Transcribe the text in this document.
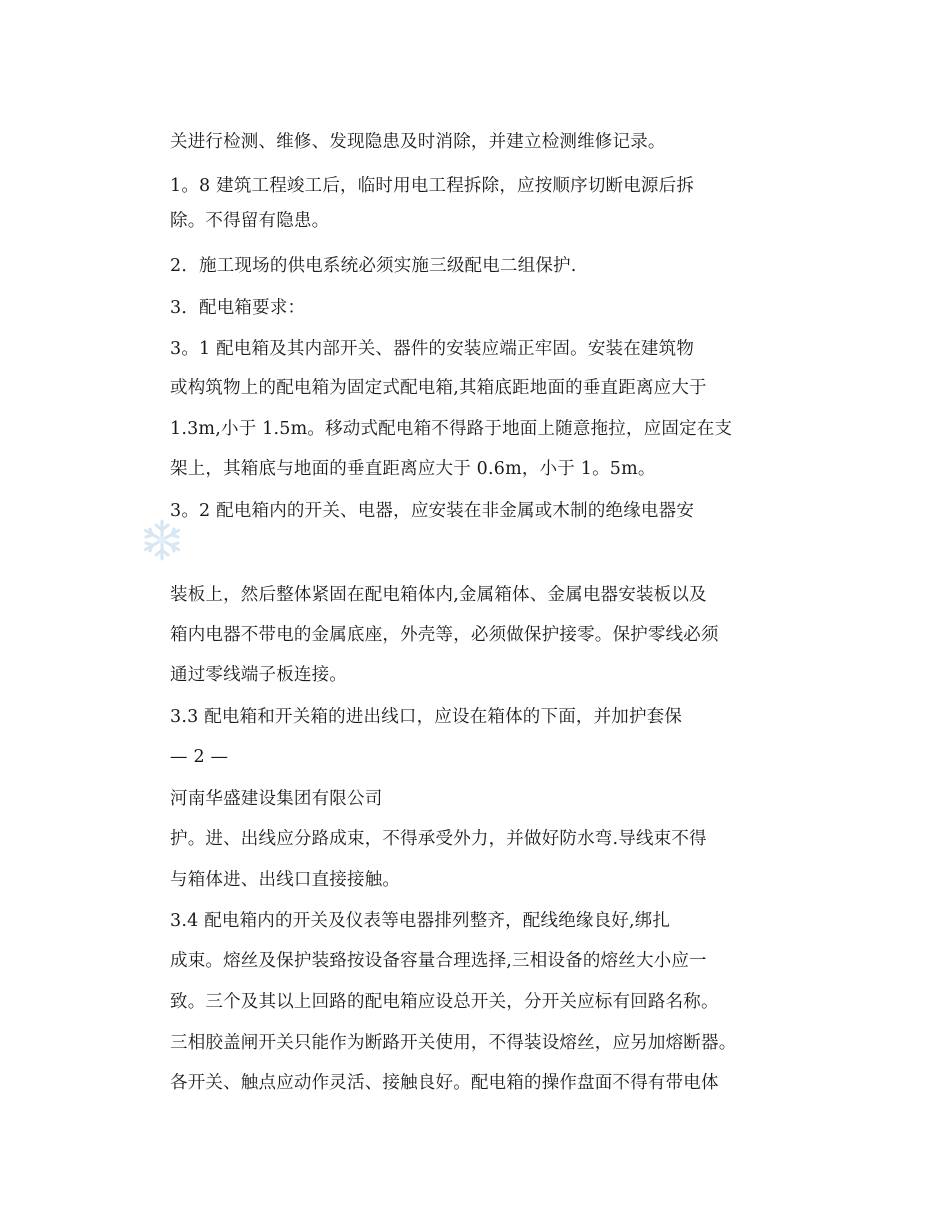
关进行检测、维修、发现隐患及时消除，并建立检测维修记录。
1。8 建筑工程竣工后，临时用电工程拆除，应按顺序切断电源后拆
除。不得留有隐患。
2．施工现场的供电系统必须实施三级配电二组保护.
3．配电箱要求：
3。1 配电箱及其内部开关、器件的安装应端正牢固。安装在建筑物
或构筑物上的配电箱为固定式配电箱,其箱底距地面的垂直距离应大于
1.3m,小于 1.5m。移动式配电箱不得路于地面上随意拖拉，应固定在支
架上，其箱底与地面的垂直距离应大于 0.6m，小于 1。5m。
3。2 配电箱内的开关、电器，应安装在非金属或木制的绝缘电器安
装板上，然后整体紧固在配电箱体内,金属箱体、金属电器安装板以及
箱内电器不带电的金属底座，外壳等，必须做保护接零。保护零线必须
通过零线端子板连接。
3.3 配电箱和开关箱的进出线口，应设在箱体的下面，并加护套保
— 2 —
河南华盛建设集团有限公司
护。进、出线应分路成束，不得承受外力，并做好防水弯.导线束不得
与箱体进、出线口直接接触。
3.4 配电箱内的开关及仪表等电器排列整齐，配线绝缘良好,绑扎
成束。熔丝及保护装臵按设备容量合理选择,三相设备的熔丝大小应一
致。三个及其以上回路的配电箱应设总开关，分开关应标有回路名称。
三相胶盖闸开关只能作为断路开关使用，不得装设熔丝，应另加熔断器。
各开关、触点应动作灵活、接触良好。配电箱的操作盘面不得有带电体
